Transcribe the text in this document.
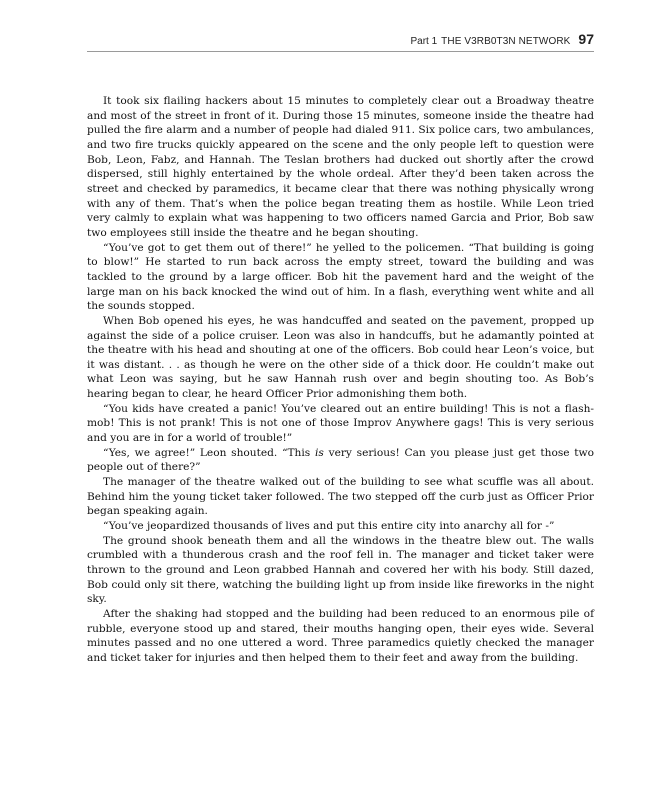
Part 1 THE V3RB0T3N NETWORK 97

It took six flailing hackers about 15 minutes to completely clear out a Broadway theatre and most of the street in front of it. During those 15 minutes, someone inside the theatre had pulled the fire alarm and a number of people had dialed 911. Six police cars, two ambulances, and two fire trucks quickly appeared on the scene and the only people left to question were Bob, Leon, Fabz, and Hannah. The Teslan brothers had ducked out shortly after the crowd dispersed, still highly entertained by the whole ordeal. After they’d been taken across the street and checked by paramedics, it became clear that there was nothing physically wrong with any of them. That’s when the police began treating them as hostile. While Leon tried very calmly to explain what was happening to two officers named Garcia and Prior, Bob saw two employees still inside the theatre and he began shouting.

“You’ve got to get them out of there!” he yelled to the policemen. “That building is going to blow!” He started to run back across the empty street, toward the building and was tackled to the ground by a large officer. Bob hit the pavement hard and the weight of the large man on his back knocked the wind out of him. In a flash, everything went white and all the sounds stopped.

When Bob opened his eyes, he was handcuffed and seated on the pavement, propped up against the side of a police cruiser. Leon was also in handcuffs, but he adamantly pointed at the theatre with his head and shouting at one of the officers. Bob could hear Leon’s voice, but it was distant. . . as though he were on the other side of a thick door. He couldn’t make out what Leon was saying, but he saw Hannah rush over and begin shouting too. As Bob’s hearing began to clear, he heard Officer Prior admonishing them both.

“You kids have created a panic! You’ve cleared out an entire building! This is not a flash-mob! This is not prank! This is not one of those Improv Anywhere gags! This is very serious and you are in for a world of trouble!”

“Yes, we agree!” Leon shouted. “This is very serious! Can you please just get those two people out of there?”

The manager of the theatre walked out of the building to see what scuffle was all about. Behind him the young ticket taker followed. The two stepped off the curb just as Officer Prior began speaking again.

“You’ve jeopardized thousands of lives and put this entire city into anarchy all for -”

The ground shook beneath them and all the windows in the theatre blew out. The walls crumbled with a thunderous crash and the roof fell in. The manager and ticket taker were thrown to the ground and Leon grabbed Hannah and covered her with his body. Still dazed, Bob could only sit there, watching the building light up from inside like fireworks in the night sky.

After the shaking had stopped and the building had been reduced to an enormous pile of rubble, everyone stood up and stared, their mouths hanging open, their eyes wide. Several minutes passed and no one uttered a word. Three paramedics quietly checked the manager and ticket taker for injuries and then helped them to their feet and away from the building.
